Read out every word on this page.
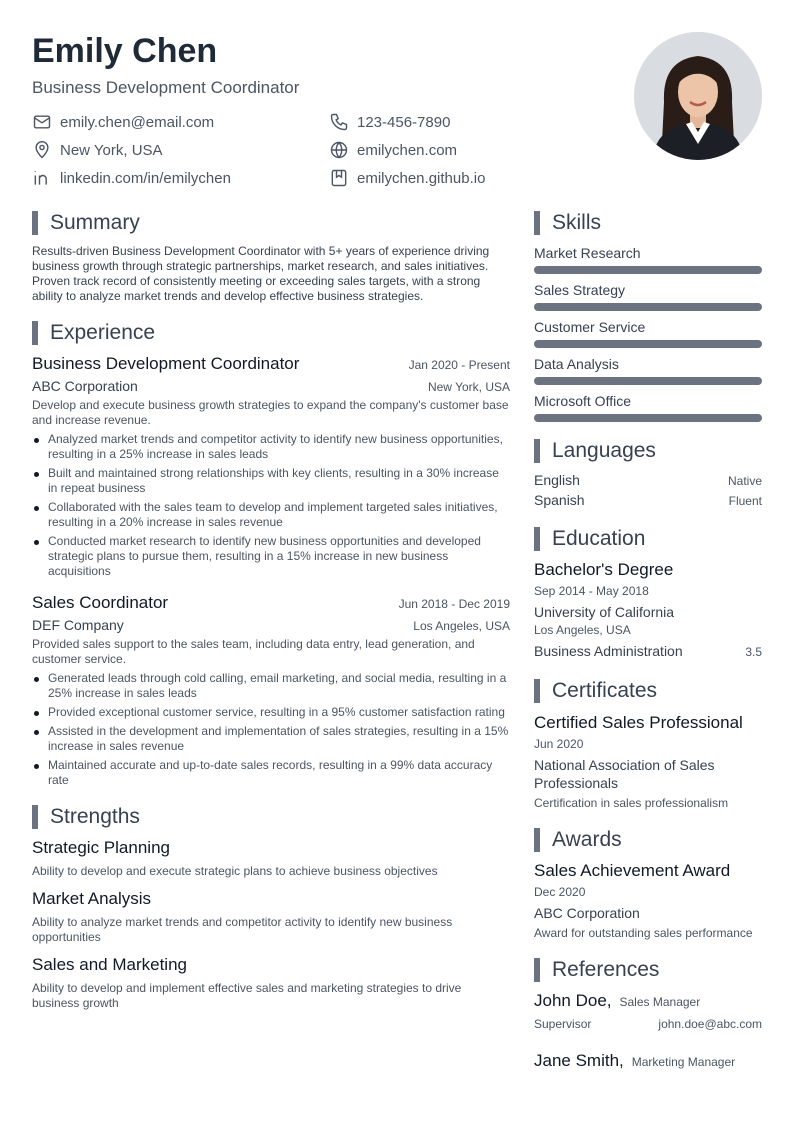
Emily Chen
Business Development Coordinator
emily.chen@email.com	123-456-7890
New York, USA	emilychen.com
linkedin.com/in/emilychen	emilychen.github.io
Summary
Results-driven Business Development Coordinator with 5+ years of experience driving business growth through strategic partnerships, market research, and sales initiatives. Proven track record of consistently meeting or exceeding sales targets, with a strong ability to analyze market trends and develop effective business strategies.
Experience
Business Development Coordinator	Jan 2020 - Present
ABC Corporation	New York, USA
Develop and execute business growth strategies to expand the company's customer base and increase revenue.
Analyzed market trends and competitor activity to identify new business opportunities, resulting in a 25% increase in sales leads
Built and maintained strong relationships with key clients, resulting in a 30% increase in repeat business
Collaborated with the sales team to develop and implement targeted sales initiatives, resulting in a 20% increase in sales revenue
Conducted market research to identify new business opportunities and developed strategic plans to pursue them, resulting in a 15% increase in new business acquisitions
Sales Coordinator	Jun 2018 - Dec 2019
DEF Company	Los Angeles, USA
Provided sales support to the sales team, including data entry, lead generation, and customer service.
Generated leads through cold calling, email marketing, and social media, resulting in a 25% increase in sales leads
Provided exceptional customer service, resulting in a 95% customer satisfaction rating
Assisted in the development and implementation of sales strategies, resulting in a 15% increase in sales revenue
Maintained accurate and up-to-date sales records, resulting in a 99% data accuracy rate
Strengths
Strategic Planning
Ability to develop and execute strategic plans to achieve business objectives
Market Analysis
Ability to analyze market trends and competitor activity to identify new business opportunities
Sales and Marketing
Ability to develop and implement effective sales and marketing strategies to drive business growth
Skills
Market Research
Sales Strategy
Customer Service
Data Analysis
Microsoft Office
Languages
English	Native
Spanish	Fluent
Education
Bachelor's Degree
Sep 2014 - May 2018
University of California
Los Angeles, USA
Business Administration	3.5
Certificates
Certified Sales Professional
Jun 2020
National Association of Sales Professionals
Certification in sales professionalism
Awards
Sales Achievement Award
Dec 2020
ABC Corporation
Award for outstanding sales performance
References
John Doe, Sales Manager
Supervisor	john.doe@abc.com
Jane Smith, Marketing Manager
